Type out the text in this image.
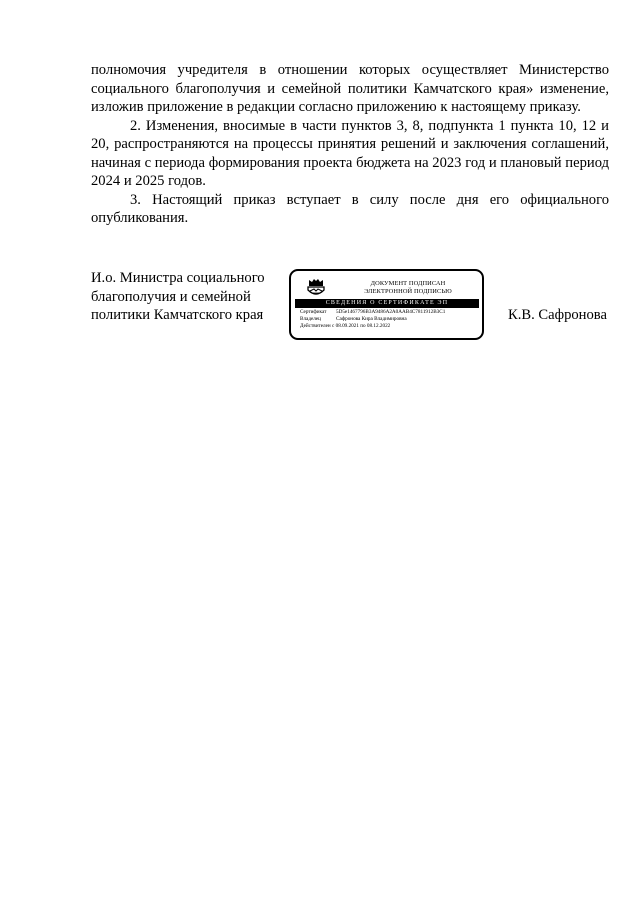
полномочия учредителя в отношении которых осуществляет Министерство социального благополучия и семейной политики Камчатского края» изменение, изложив приложение в редакции согласно приложению к настоящему приказу.

2. Изменения, вносимые в части пунктов 3, 8, подпункта 1 пункта 10, 12 и 20, распространяются на процессы принятия решений и заключения соглашений, начиная с периода формирования проекта бюджета на 2023 год и плановый период 2024 и 2025 годов.

3. Настоящий приказ вступает в силу после дня его официального опубликования.

И.о. Министра социального
благополучия и семейной
политики Камчатского края
ДОКУМЕНТ ПОДПИСАН
ЭЛЕКТРОННОЙ ПОДПИСЬЮ
СВЕДЕНИЯ О СЕРТИФИКАТЕ ЭП
Сертификат	5D5e1467796B3A9486A2A0AAB4C7811912B3C1
Владелец	Сафронова Кира Владимировна
Действителен с 08.09.2021 по 08.12.2022
К.В. Сафронова
